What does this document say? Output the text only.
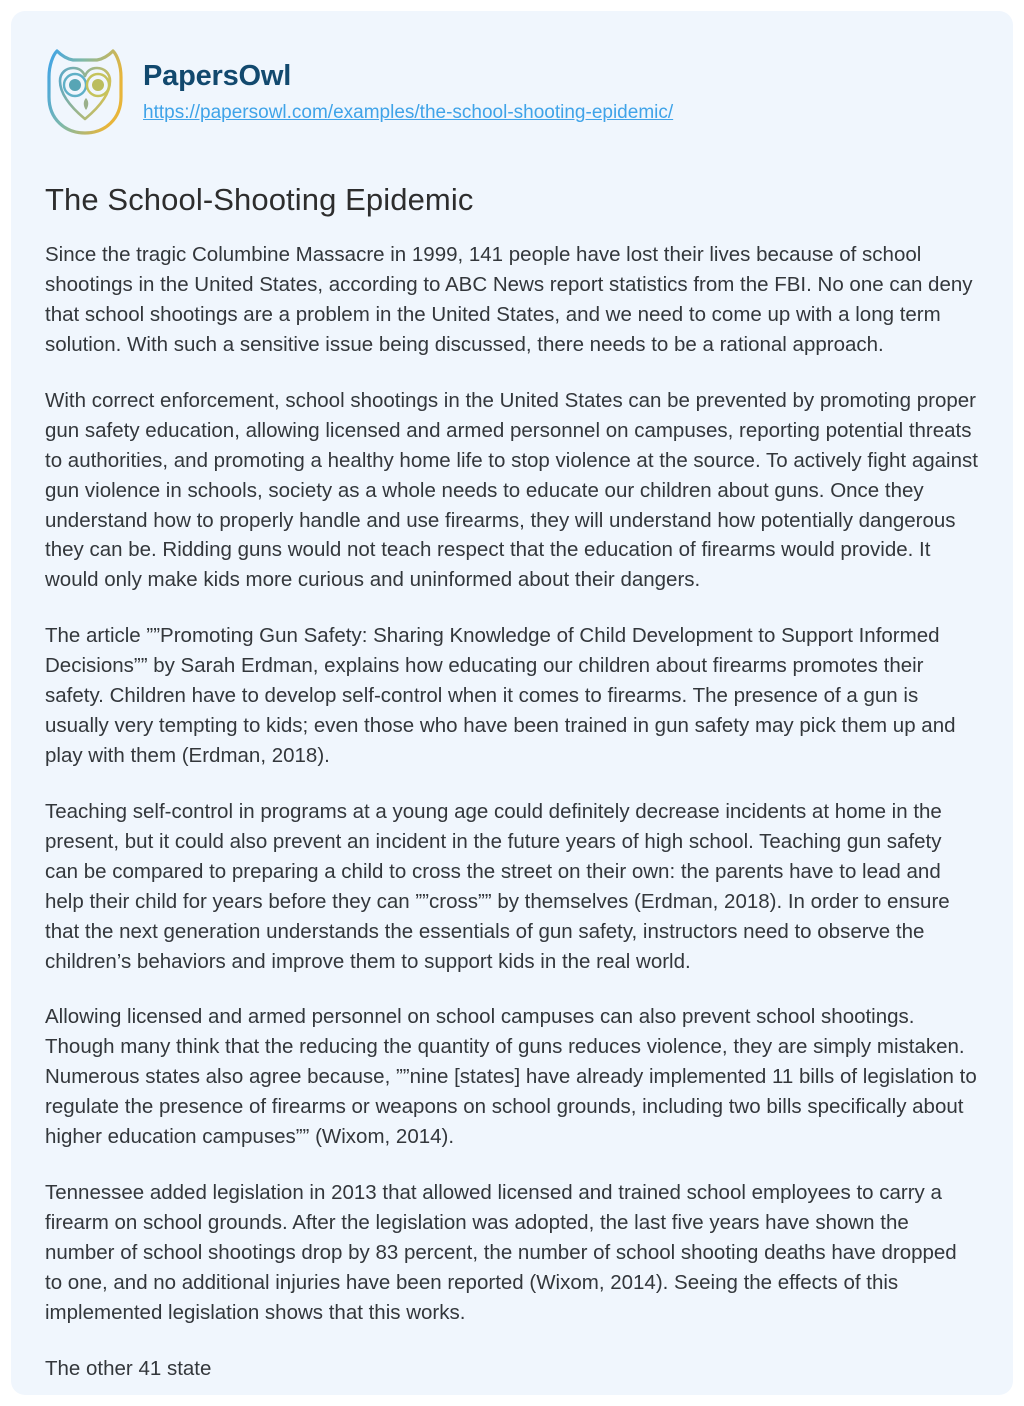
PapersOwl
https://papersowl.com/examples/the-school-shooting-epidemic/
The School-Shooting Epidemic

Since the tragic Columbine Massacre in 1999, 141 people have lost their lives because of school shootings in the United States, according to ABC News report statistics from the FBI. No one can deny that school shootings are a problem in the United States, and we need to come up with a long term solution. With such a sensitive issue being discussed, there needs to be a rational approach.

With correct enforcement, school shootings in the United States can be prevented by promoting proper gun safety education, allowing licensed and armed personnel on campuses, reporting potential threats to authorities, and promoting a healthy home life to stop violence at the source. To actively fight against gun violence in schools, society as a whole needs to educate our children about guns. Once they understand how to properly handle and use firearms, they will understand how potentially dangerous they can be. Ridding guns would not teach respect that the education of firearms would provide. It would only make kids more curious and uninformed about their dangers.

The article ””Promoting Gun Safety: Sharing Knowledge of Child Development to Support Informed Decisions”” by Sarah Erdman, explains how educating our children about firearms promotes their safety. Children have to develop self-control when it comes to firearms. The presence of a gun is usually very tempting to kids; even those who have been trained in gun safety may pick them up and play with them (Erdman, 2018).

Teaching self-control in programs at a young age could definitely decrease incidents at home in the present, but it could also prevent an incident in the future years of high school. Teaching gun safety can be compared to preparing a child to cross the street on their own: the parents have to lead and help their child for years before they can ””cross”” by themselves (Erdman, 2018). In order to ensure that the next generation understands the essentials of gun safety, instructors need to observe the children’s behaviors and improve them to support kids in the real world.

Allowing licensed and armed personnel on school campuses can also prevent school shootings. Though many think that the reducing the quantity of guns reduces violence, they are simply mistaken. Numerous states also agree because, ””nine [states] have already implemented 11 bills of legislation to regulate the presence of firearms or weapons on school grounds, including two bills specifically about higher education campuses”” (Wixom, 2014).

Tennessee added legislation in 2013 that allowed licensed and trained school employees to carry a firearm on school grounds. After the legislation was adopted, the last five years have shown the number of school shootings drop by 83 percent, the number of school shooting deaths have dropped to one, and no additional injuries have been reported (Wixom, 2014). Seeing the effects of this implemented legislation shows that this works.

The other 41 state
